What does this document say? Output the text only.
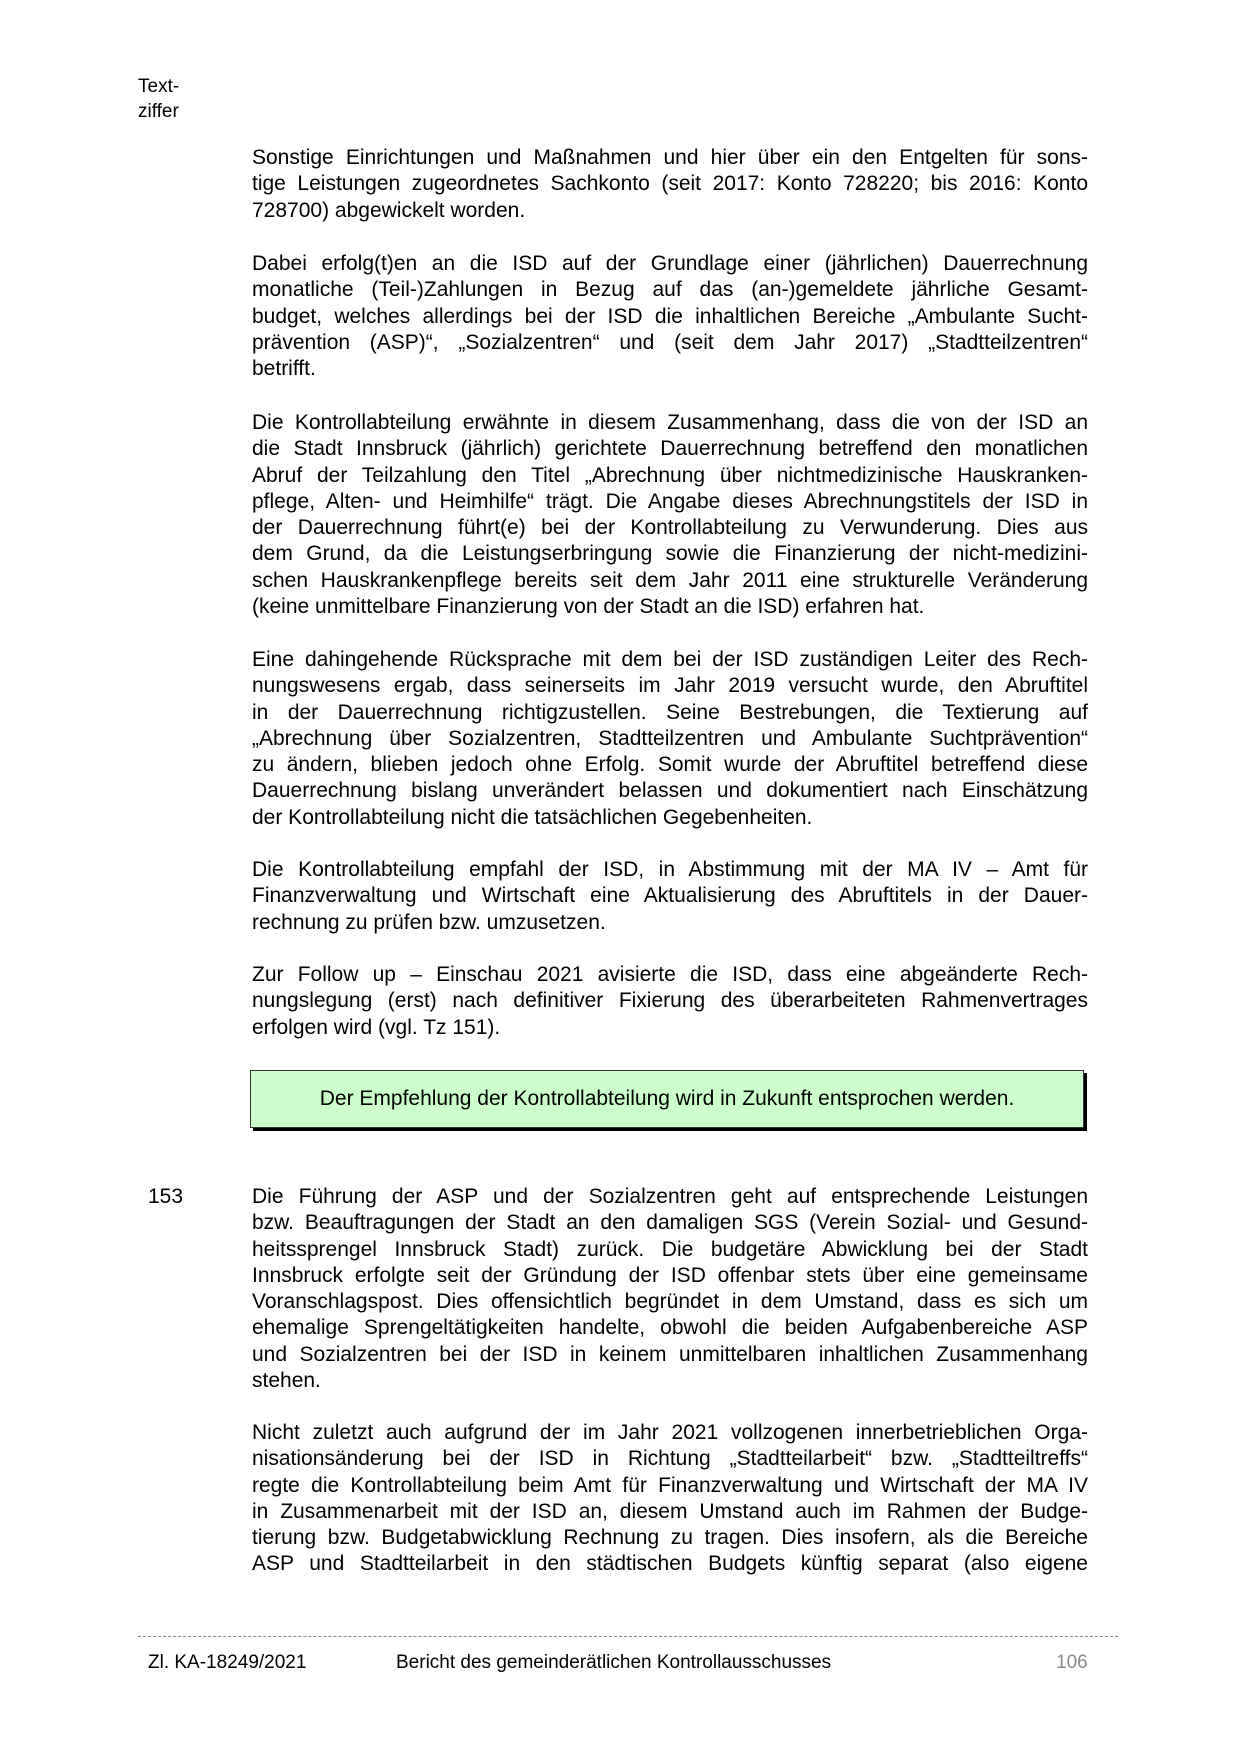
Text-
ziffer
Sonstige Einrichtungen und Maßnahmen und hier über ein den Entgelten für sons-
tige Leistungen zugeordnetes Sachkonto (seit 2017: Konto 728220; bis 2016: Konto
728700) abgewickelt worden.
Dabei erfolg(t)en an die ISD auf der Grundlage einer (jährlichen) Dauerrechnung
monatliche (Teil-)Zahlungen in Bezug auf das (an-)gemeldete jährliche Gesamt-
budget, welches allerdings bei der ISD die inhaltlichen Bereiche „Ambulante Sucht-
prävention (ASP)“, „Sozialzentren“ und (seit dem Jahr 2017) „Stadtteilzentren“
betrifft.
Die Kontrollabteilung erwähnte in diesem Zusammenhang, dass die von der ISD an
die Stadt Innsbruck (jährlich) gerichtete Dauerrechnung betreffend den monatlichen
Abruf der Teilzahlung den Titel „Abrechnung über nichtmedizinische Hauskranken-
pflege, Alten- und Heimhilfe“ trägt. Die Angabe dieses Abrechnungstitels der ISD in
der Dauerrechnung führt(e) bei der Kontrollabteilung zu Verwunderung. Dies aus
dem Grund, da die Leistungserbringung sowie die Finanzierung der nicht-medizini-
schen Hauskrankenpflege bereits seit dem Jahr 2011 eine strukturelle Veränderung
(keine unmittelbare Finanzierung von der Stadt an die ISD) erfahren hat.
Eine dahingehende Rücksprache mit dem bei der ISD zuständigen Leiter des Rech-
nungswesens ergab, dass seinerseits im Jahr 2019 versucht wurde, den Abruftitel
in der Dauerrechnung richtigzustellen. Seine Bestrebungen, die Textierung auf
„Abrechnung über Sozialzentren, Stadtteilzentren und Ambulante Suchtprävention“
zu ändern, blieben jedoch ohne Erfolg. Somit wurde der Abruftitel betreffend diese
Dauerrechnung bislang unverändert belassen und dokumentiert nach Einschätzung
der Kontrollabteilung nicht die tatsächlichen Gegebenheiten.
Die Kontrollabteilung empfahl der ISD, in Abstimmung mit der MA IV – Amt für
Finanzverwaltung und Wirtschaft eine Aktualisierung des Abruftitels in der Dauer-
rechnung zu prüfen bzw. umzusetzen.
Zur Follow up – Einschau 2021 avisierte die ISD, dass eine abgeänderte Rech-
nungslegung (erst) nach definitiver Fixierung des überarbeiteten Rahmenvertrages
erfolgen wird (vgl. Tz 151).
Der Empfehlung der Kontrollabteilung wird in Zukunft entsprochen werden.
153	Die Führung der ASP und der Sozialzentren geht auf entsprechende Leistungen
bzw. Beauftragungen der Stadt an den damaligen SGS (Verein Sozial- und Gesund-
heitssprengel Innsbruck Stadt) zurück. Die budgetäre Abwicklung bei der Stadt
Innsbruck erfolgte seit der Gründung der ISD offenbar stets über eine gemeinsame
Voranschlagspost. Dies offensichtlich begründet in dem Umstand, dass es sich um
ehemalige Sprengeltätigkeiten handelte, obwohl die beiden Aufgabenbereiche ASP
und Sozialzentren bei der ISD in keinem unmittelbaren inhaltlichen Zusammenhang
stehen.
Nicht zuletzt auch aufgrund der im Jahr 2021 vollzogenen innerbetrieblichen Orga-
nisationsänderung bei der ISD in Richtung „Stadtteilarbeit“ bzw. „Stadtteiltreffs“
regte die Kontrollabteilung beim Amt für Finanzverwaltung und Wirtschaft der MA IV
in Zusammenarbeit mit der ISD an, diesem Umstand auch im Rahmen der Budge-
tierung bzw. Budgetabwicklung Rechnung zu tragen. Dies insofern, als die Bereiche
ASP und Stadtteilarbeit in den städtischen Budgets künftig separat (also eigene
Zl. KA-18249/2021	Bericht des gemeinderätlichen Kontrollausschusses	106
